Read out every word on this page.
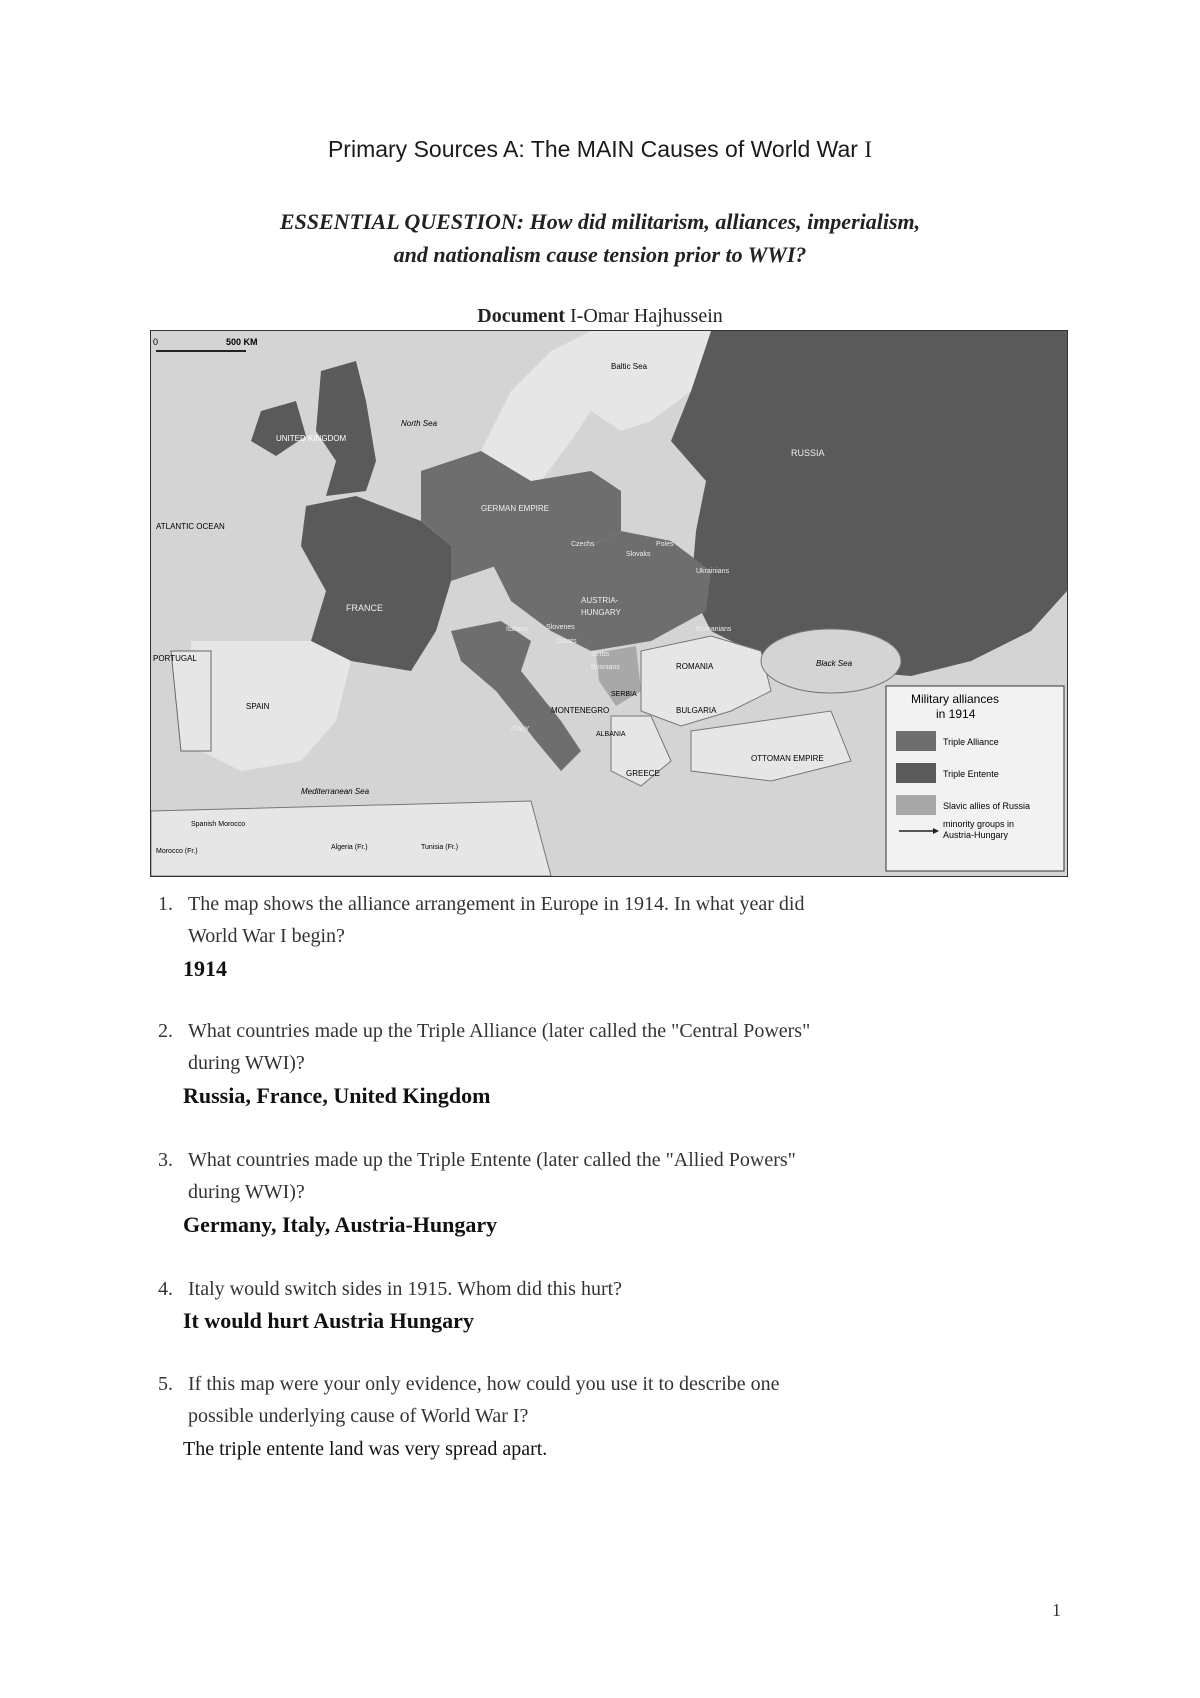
Primary Sources A: The MAIN Causes of World War I
ESSENTIAL QUESTION: How did militarism, alliances, imperialism,
and nationalism cause tension prior to WWI?
Document I-Omar Hajhussein
0	500 KM
Baltic Sea
North Sea
UNITED KINGDOM
RUSSIA
GERMAN EMPIRE
ATLANTIC OCEAN
FRANCE
AUSTRIA-
HUNGARY
Czechs
Slovaks
Poles
Ukrainians
Italians	Slovenes
Croats
Serbs
Romanians
Bosnians
PORTUGAL
SPAIN
ROMANIA
SERBIA
MONTENEGRO	BULGARIA
ITALY
ALBANIA
GREECE
OTTOMAN EMPIRE
Black Sea
Mediterranean Sea
Morocco (Fr.)
Spanish Morocco
Algeria (Fr.)	Tunisia (Fr.)
Military alliances
in 1914
Triple Alliance
Triple Entente
Slavic allies of Russia
minority groups in
Austria-Hungary
1. The map shows the alliance arrangement in Europe in 1914. In what year did
World War I begin?
1914
2. What countries made up the Triple Alliance (later called the "Central Powers"
during WWI)?
Russia, France, United Kingdom
3. What countries made up the Triple Entente (later called the "Allied Powers"
during WWI)?
Germany, Italy, Austria-Hungary
4. Italy would switch sides in 1915. Whom did this hurt?
It would hurt Austria Hungary
5. If this map were your only evidence, how could you use it to describe one
possible underlying cause of World War I?
The triple entente land was very spread apart.
1
